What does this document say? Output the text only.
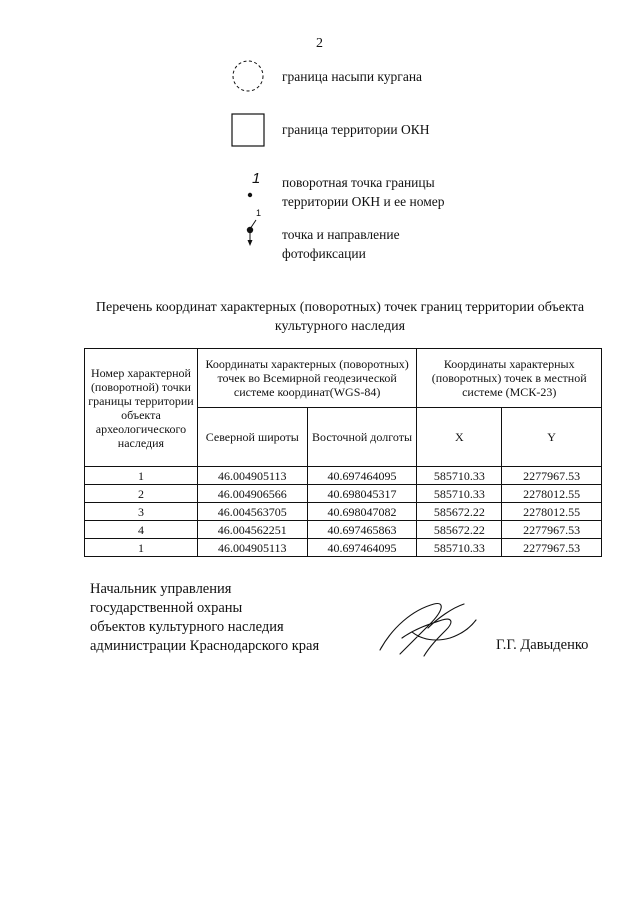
2
граница насыпи кургана
граница территории ОКН
1 поворотная точка границы
территории ОКН и ее номер
1
точка и направление
фотофиксации
Перечень координат характерных (поворотных) точек границ территории объекта культурного наследия
Номер характерной (поворотной) точки границы территории объекта археологического наследия	Координаты характерных (поворотных) точек во Всемирной геодезической системе координат(WGS-84)		Координаты характерных (поворотных) точек в местной системе (МСК-23)	
	Северной широты	Восточной долготы	X	Y
1	46.004905113	40.697464095	585710.33	2277967.53
2	46.004906566	40.698045317	585710.33	2278012.55
3	46.004563705	40.698047082	585672.22	2278012.55
4	46.004562251	40.697465863	585672.22	2277967.53
1	46.004905113	40.697464095	585710.33	2277967.53
Начальник управления
государственной охраны
объектов культурного наследия
администрации Краснодарского края	Г.Г. Давыденко
